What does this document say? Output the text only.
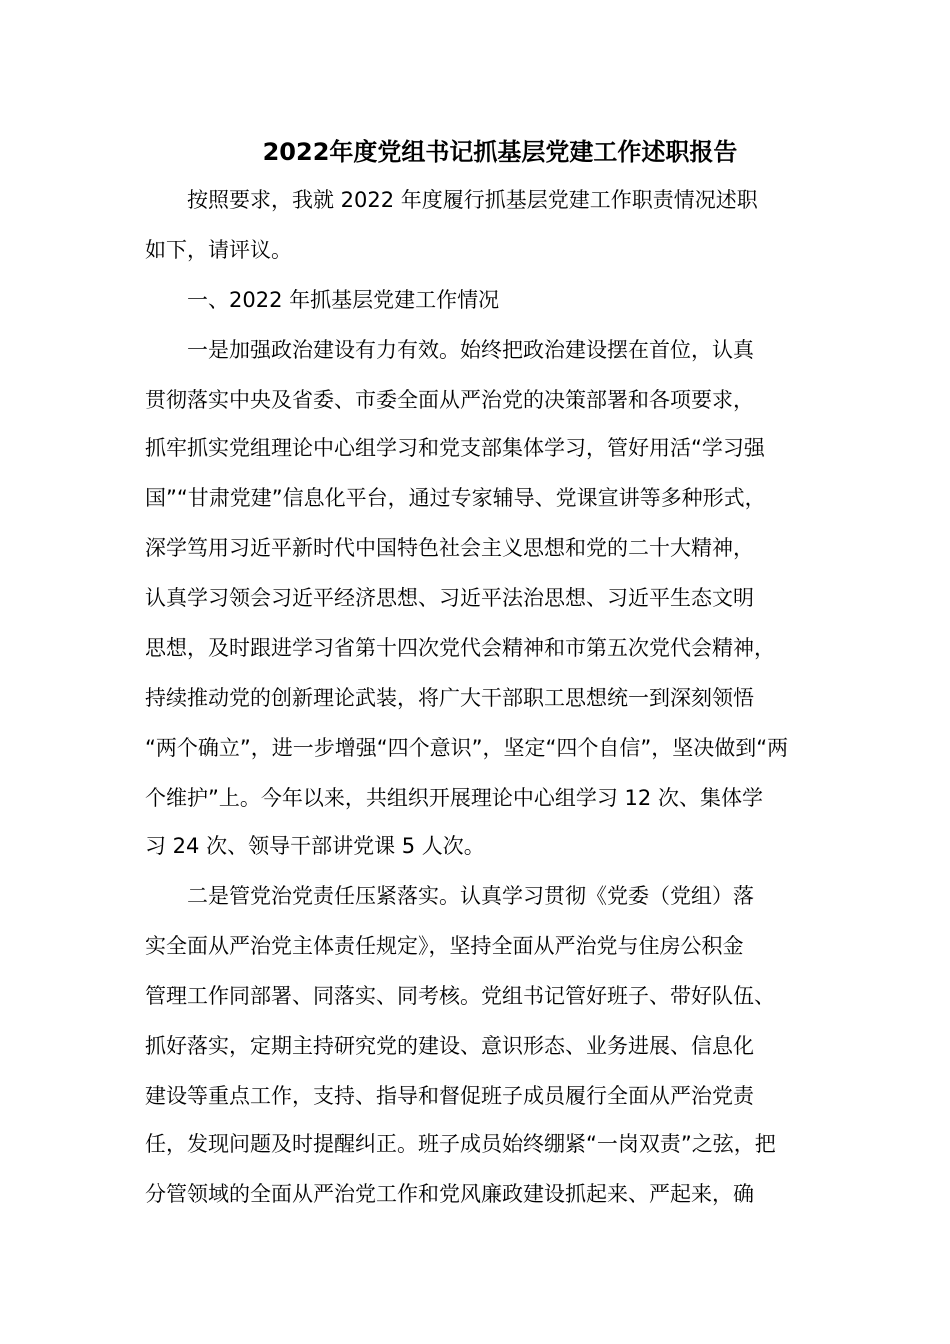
2022年度党组书记抓基层党建工作述职报告
　　按照要求，我就 2022 年度履行抓基层党建工作职责情况述职
如下，请评议。
　　一、2022 年抓基层党建工作情况
　　一是加强政治建设有力有效。始终把政治建设摆在首位，认真
贯彻落实中央及省委、市委全面从严治党的决策部署和各项要求，
抓牢抓实党组理论中心组学习和党支部集体学习，管好用活“学习强
国”“甘肃党建”信息化平台，通过专家辅导、党课宣讲等多种形式，
深学笃用习近平新时代中国特色社会主义思想和党的二十大精神，
认真学习领会习近平经济思想、习近平法治思想、习近平生态文明
思想，及时跟进学习省第十四次党代会精神和市第五次党代会精神，
持续推动党的创新理论武装，将广大干部职工思想统一到深刻领悟
“两个确立”，进一步增强“四个意识”，坚定“四个自信”，坚决做到“两
个维护”上。今年以来，共组织开展理论中心组学习 12 次、集体学
习 24 次、领导干部讲党课 5 人次。
　　二是管党治党责任压紧落实。认真学习贯彻《党委（党组）落
实全面从严治党主体责任规定》，坚持全面从严治党与住房公积金
管理工作同部署、同落实、同考核。党组书记管好班子、带好队伍、
抓好落实，定期主持研究党的建设、意识形态、业务进展、信息化
建设等重点工作，支持、指导和督促班子成员履行全面从严治党责
任，发现问题及时提醒纠正。班子成员始终绷紧“一岗双责”之弦，把
分管领域的全面从严治党工作和党风廉政建设抓起来、严起来，确
